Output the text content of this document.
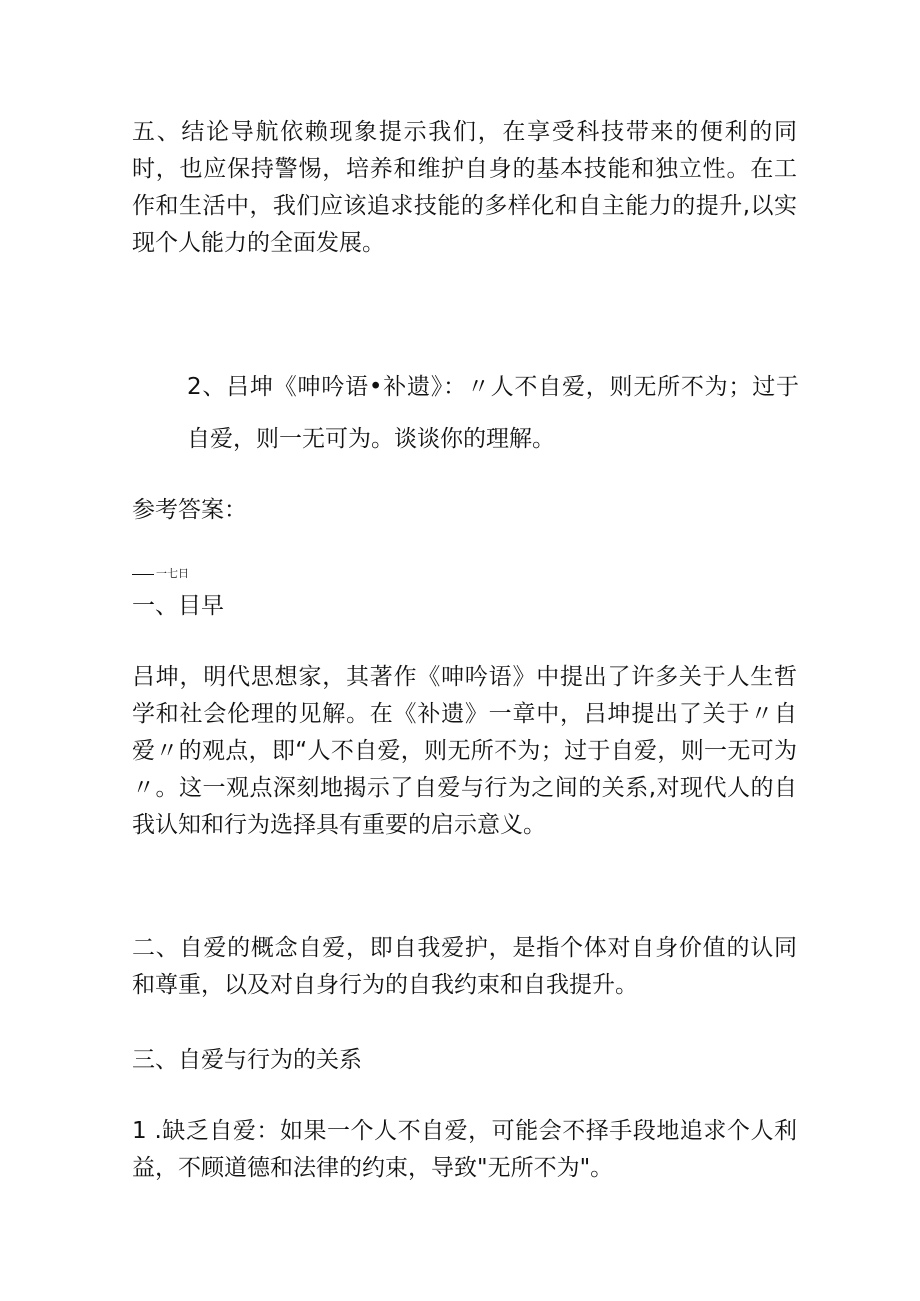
五、结论导航依赖现象提示我们，在享受科技带来的便利的同时，也应保持警惕，培养和维护自身的基本技能和独立性。在工作和生活中，我们应该追求技能的多样化和自主能力的提升,以实现个人能力的全面发展。

2、吕坤《呻吟语•补遗》：〃人不自爱，则无所不为；过于自爱，则一无可为。谈谈你的理解。

参考答案：

一七日

一、目早

吕坤，明代思想家，其著作《呻吟语》中提出了许多关于人生哲学和社会伦理的见解。在《补遗》一章中，吕坤提出了关于〃自爱〃的观点，即“人不自爱，则无所不为；过于自爱，则一无可为〃。这一观点深刻地揭示了自爱与行为之间的关系,对现代人的自我认知和行为选择具有重要的启示意义。

二、自爱的概念自爱，即自我爱护，是指个体对自身价值的认同和尊重，以及对自身行为的自我约束和自我提升。

三、自爱与行为的关系

1 .缺乏自爱：如果一个人不自爱，可能会不择手段地追求个人利益，不顾道德和法律的约束，导致"无所不为"。
